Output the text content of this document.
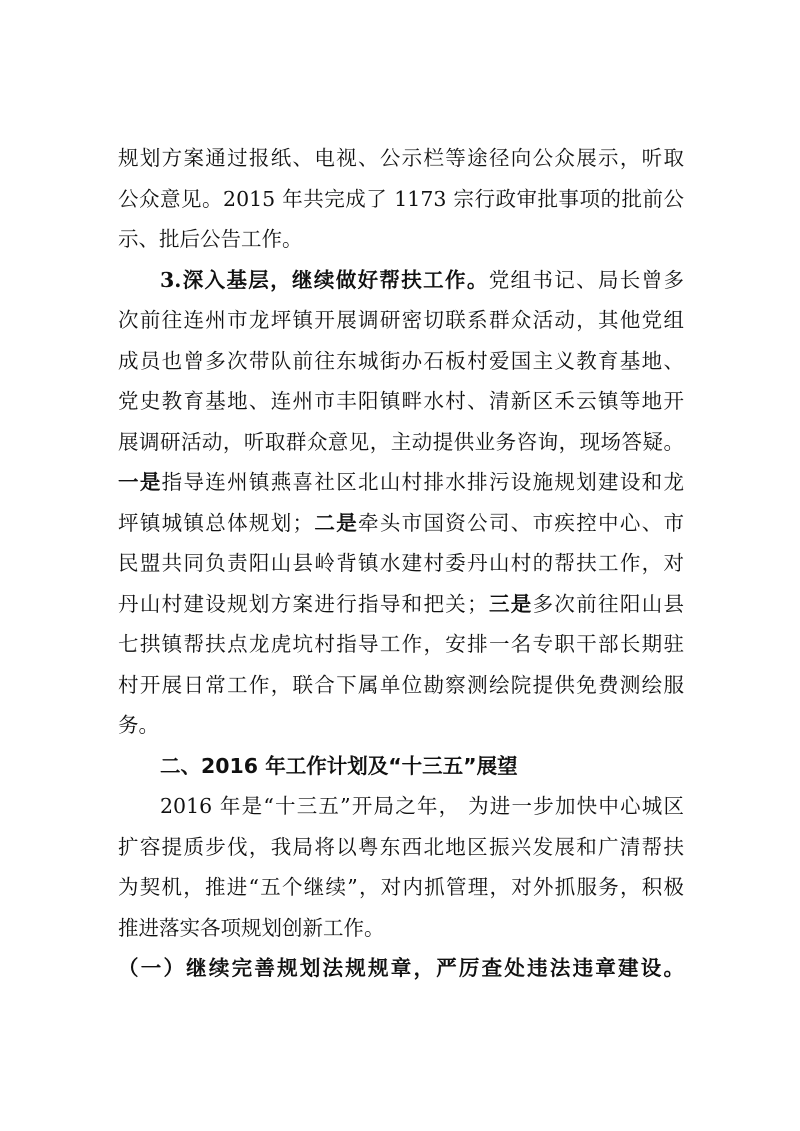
规划方案通过报纸、电视、公示栏等途径向公众展示，听取
公众意见。2015 年共完成了 1173 宗行政审批事项的批前公
示、批后公告工作。
3.深入基层，继续做好帮扶工作。党组书记、局长曾多
次前往连州市龙坪镇开展调研密切联系群众活动，其他党组
成员也曾多次带队前往东城街办石板村爱国主义教育基地、
党史教育基地、连州市丰阳镇畔水村、清新区禾云镇等地开
展调研活动，听取群众意见，主动提供业务咨询，现场答疑。
一是指导连州镇燕喜社区北山村排水排污设施规划建设和龙
坪镇城镇总体规划；二是牵头市国资公司、市疾控中心、市
民盟共同负责阳山县岭背镇水建村委丹山村的帮扶工作，对
丹山村建设规划方案进行指导和把关；三是多次前往阳山县
七拱镇帮扶点龙虎坑村指导工作，安排一名专职干部长期驻
村开展日常工作，联合下属单位勘察测绘院提供免费测绘服
务。
二、2016 年工作计划及“十三五”展望
2016 年是“十三五”开局之年， 为进一步加快中心城区
扩容提质步伐，我局将以粤东西北地区振兴发展和广清帮扶
为契机，推进“五个继续”，对内抓管理，对外抓服务，积极
推进落实各项规划创新工作。
（一）继续完善规划法规规章，严厉查处违法违章建设。
